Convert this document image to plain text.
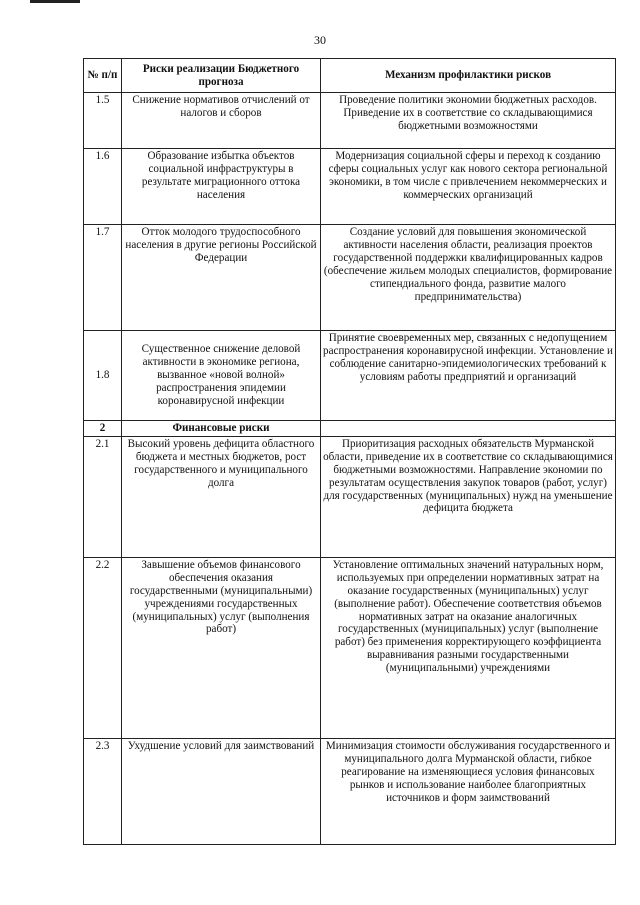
30
№ п/п	Риски реализации Бюджетного прогноза	Механизм профилактики рисков
1.5	Снижение нормативов отчислений от налогов и сборов	Проведение политики экономии бюджетных расходов. Приведение их в соответствие со складывающимися бюджетными возможностями
1.6	Образование избытка объектов социальной инфраструктуры в результате миграционного оттока населения	Модернизация социальной сферы и переход к созданию сферы социальных услуг как нового сектора региональной экономики, в том числе с привлечением некоммерческих и коммерческих организаций
1.7	Отток молодого трудоспособного населения в другие регионы Российской Федерации	Создание условий для повышения экономической активности населения области, реализация проектов государственной поддержки квалифицированных кадров (обеспечение жильем молодых специалистов, формирование стипендиального фонда, развитие малого предпринимательства)
1.8	Существенное снижение деловой активности в экономике региона, вызванное «новой волной» распространения эпидемии коронавирусной инфекции	Принятие своевременных мер, связанных с недопущением распространения коронавирусной инфекции. Установление и соблюдение санитарно-эпидемиологических требований к условиям работы предприятий и организаций
2	Финансовые риски	
2.1	Высокий уровень дефицита областного бюджета и местных бюджетов, рост государственного и муниципального долга	Приоритизация расходных обязательств Мурманской области, приведение их в соответствие со складывающимися бюджетными возможностями. Направление экономии по результатам осуществления закупок товаров (работ, услуг) для государственных (муниципальных) нужд на уменьшение дефицита бюджета
2.2	Завышение объемов финансового обеспечения оказания государственными (муниципальными) учреждениями государственных (муниципальных) услуг (выполнения работ)	Установление оптимальных значений натуральных норм, используемых при определении нормативных затрат на оказание государственных (муниципальных) услуг (выполнение работ). Обеспечение соответствия объемов нормативных затрат на оказание аналогичных государственных (муниципальных) услуг (выполнение работ) без применения корректирующего коэффициента выравнивания разными государственными (муниципальными) учреждениями
2.3	Ухудшение условий для заимствований	Минимизация стоимости обслуживания государственного и муниципального долга Мурманской области, гибкое реагирование на изменяющиеся условия финансовых рынков и использование наиболее благоприятных источников и форм заимствований
